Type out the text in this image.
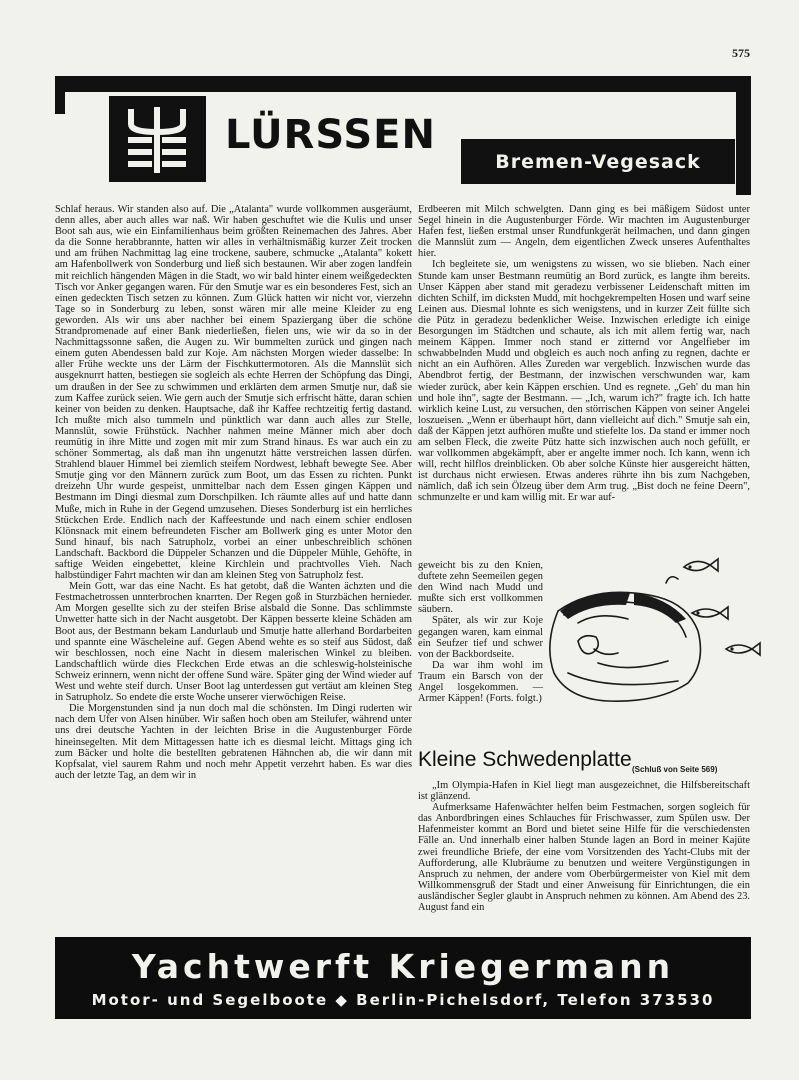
575
LÜRSSEN
Bremen-Vegesack

Schlaf heraus. Wir standen also auf. Die „Atalanta" wurde vollkommen ausgeräumt, denn alles, aber auch alles war naß. Wir haben geschuftet wie die Kulis und unser Boot sah aus, wie ein Einfamilienhaus beim größten Reinemachen des Jahres. Aber da die Sonne herabbrannte, hatten wir alles in verhältnismäßig kurzer Zeit trocken und am frühen Nachmittag lag eine trockene, saubere, schmucke „Atalanta" kokett am Hafenbollwerk von Sonderburg und ließ sich bestaunen. Wir aber zogen landfein mit reichlich hängenden Mägen in die Stadt, wo wir bald hinter einem weißgedeckten Tisch vor Anker gegangen waren. Für den Smutje war es ein besonderes Fest, sich an einen gedeckten Tisch setzen zu können. Zum Glück hatten wir nicht vor, vierzehn Tage so in Sonderburg zu leben, sonst wären mir alle meine Kleider zu eng geworden. Als wir uns aber nachher bei einem Spaziergang über die schöne Strandpromenade auf einer Bank niederließen, fielen uns, wie wir da so in der Nachmittagssonne saßen, die Augen zu. Wir bummelten zurück und gingen nach einem guten Abendessen bald zur Koje. Am nächsten Morgen wieder dasselbe: In aller Frühe weckte uns der Lärm der Fischkuttermotoren. Als die Mannslüt sich ausgeknurrt hatten, bestiegen sie sogleich als echte Herren der Schöpfung das Dingi, um draußen in der See zu schwimmen und erklärten dem armen Smutje nur, daß sie zum Kaffee zurück seien. Wie gern auch der Smutje sich erfrischt hätte, daran schien keiner von beiden zu denken. Hauptsache, daß ihr Kaffee rechtzeitig fertig dastand. Ich mußte mich also tummeln und pünktlich war dann auch alles zur Stelle, Mannslüt, sowie Frühstück. Nachher nahmen meine Männer mich aber doch reumütig in ihre Mitte und zogen mit mir zum Strand hinaus. Es war auch ein zu schöner Sommertag, als daß man ihn ungenutzt hätte verstreichen lassen dürfen. Strahlend blauer Himmel bei ziemlich steifem Nordwest, lebhaft bewegte See. Aber Smutje ging vor den Männern zurück zum Boot, um das Essen zu richten. Punkt dreizehn Uhr wurde gespeist, unmittelbar nach dem Essen gingen Käppen und Bestmann im Dingi diesmal zum Dorschpilken. Ich räumte alles auf und hatte dann Muße, mich in Ruhe in der Gegend umzusehen. Dieses Sonderburg ist ein herrliches Stückchen Erde. Endlich nach der Kaffeestunde und nach einem schier endlosen Klönsnack mit einem befreundeten Fischer am Bollwerk ging es unter Motor den Sund hinauf, bis nach Satrupholz, vorbei an einer unbeschreiblich schönen Landschaft. Backbord die Düppeler Schanzen und die Düppeler Mühle, Gehöfte, in saftige Weiden eingebettet, kleine Kirchlein und prachtvolles Vieh. Nach halbstündiger Fahrt machten wir dan am kleinen Steg von Satrupholz fest.

Mein Gott, war das eine Nacht. Es hat getobt, daß die Wanten ächzten und die Festmachetrossen unnterbrochen knarrten. Der Regen goß in Sturzbächen hernieder. Am Morgen gesellte sich zu der steifen Brise alsbald die Sonne. Das schlimmste Unwetter hatte sich in der Nacht ausgetobt. Der Käppen besserte kleine Schäden am Boot aus, der Bestmann bekam Landurlaub und Smutje hatte allerhand Bordarbeiten und spannte eine Wäscheleine auf. Gegen Abend wehte es so steif aus Südost, daß wir beschlossen, noch eine Nacht in diesem malerischen Winkel zu bleiben. Landschaftlich würde dies Fleckchen Erde etwas an die schleswig-holsteinische Schweiz erinnern, wenn nicht der offene Sund wäre. Später ging der Wind wieder auf West und wehte steif durch. Unser Boot lag unterdessen gut vertäut am kleinen Steg in Satrupholz. So endete die erste Woche unserer vierwöchigen Reise.

Die Morgenstunden sind ja nun doch mal die schönsten. Im Dingi ruderten wir nach dem Ufer von Alsen hinüber. Wir saßen hoch oben am Steilufer, während unter uns drei deutsche Yachten in der leichten Brise in die Augustenburger Förde hineinsegelten. Mit dem Mittagessen hatte ich es diesmal leicht. Mittags ging ich zum Bäcker und holte die bestellten gebratenen Hähnchen ab, die wir dann mit Kopfsalat, viel saurem Rahm und noch mehr Appetit verzehrt haben. Es war dies auch der letzte Tag, an dem wir in

Erdbeeren mit Milch schwelgten. Dann ging es bei mäßigem Südost unter Segel hinein in die Augustenburger Förde. Wir machten im Augustenburger Hafen fest, ließen erstmal unser Rundfunkgerät heilmachen, und dann gingen die Mannslüt zum — Angeln, dem eigentlichen Zweck unseres Aufenthaltes hier.

Ich begleitete sie, um wenigstens zu wissen, wo sie blieben. Nach einer Stunde kam unser Bestmann reumütig an Bord zurück, es langte ihm bereits. Unser Käppen aber stand mit geradezu verbissener Leidenschaft mitten im dichten Schilf, im dicksten Mudd, mit hochgekrempelten Hosen und warf seine Leinen aus. Diesmal lohnte es sich wenigstens, und in kurzer Zeit füllte sich die Pütz in geradezu bedenklicher Weise. Inzwischen erledigte ich einige Besorgungen im Städtchen und schaute, als ich mit allem fertig war, nach meinem Käppen. Immer noch stand er zitternd vor Angelfieber im schwabbelnden Mudd und obgleich es auch noch anfing zu regnen, dachte er nicht an ein Aufhören. Alles Zureden war vergeblich. Inzwischen wurde das Abendbrot fertig, der Bestmann, der inzwischen verschwunden war, kam wieder zurück, aber kein Käppen erschien. Und es regnete. „Geh' du man hin und hole ihn", sagte der Bestmann. — „Ich, warum ich?" fragte ich. Ich hatte wirklich keine Lust, zu versuchen, den störrischen Käppen von seiner Angelei loszueisen. „Wenn er überhaupt hört, dann vielleicht auf dich." Smutje sah ein, daß der Käppen jetzt aufhören mußte und stiefelte los. Da stand er immer noch am selben Fleck, die zweite Pütz hatte sich inzwischen auch noch gefüllt, er war vollkommen abgekämpft, aber er angelte immer noch. Ich kann, wenn ich will, recht hilflos dreinblicken. Ob aber solche Künste hier ausgereicht hätten, ist durchaus nicht erwiesen. Etwas anderes rührte ihn bis zum Nachgeben, nämlich, daß ich sein Ölzeug über dem Arm trug. „Bist doch ne feine Deern", schmunzelte er und kam willig mit. Er war auf-

geweicht bis zu den Knien, duftete zehn Seemeilen gegen den Wind nach Mudd und mußte sich erst vollkommen säubern.

Später, als wir zur Koje gegangen waren, kam einmal ein Seufzer tief und schwer von der Backbordseite.

Da war ihm wohl im Traum ein Barsch von der Angel losgekommen. — Armer Käppen! (Forts. folgt.)

Kleine Schwedenplatte (Schluß von Seite 569)

„Im Olympia-Hafen in Kiel liegt man ausgezeichnet, die Hilfsbereitschaft ist glänzend.

Aufmerksame Hafenwächter helfen beim Festmachen, sorgen sogleich für das Anbordbringen eines Schlauches für Frischwasser, zum Spülen usw. Der Hafenmeister kommt an Bord und bietet seine Hilfe für die verschiedensten Fälle an. Und innerhalb einer halben Stunde lagen an Bord in meiner Kajüte zwei freundliche Briefe, der eine vom Vorsitzenden des Yacht-Clubs mit der Aufforderung, alle Klubräume zu benutzen und weitere Vergünstigungen in Anspruch zu nehmen, der andere vom Oberbürgermeister von Kiel mit dem Willkommensgruß der Stadt und einer Anweisung für Einrichtungen, die ein ausländischer Segler glaubt in Anspruch nehmen zu können. Am Abend des 23. August fand ein

Yachtwerft Kriegermann
Motor- und Segelboote ◆ Berlin-Pichelsdorf, Telefon 373530
